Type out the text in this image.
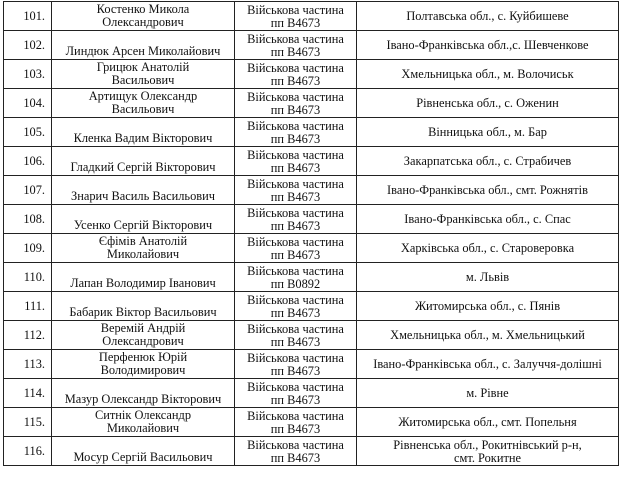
101.	Костенко Микола
Олександрович	Військова частина
пп В4673	Полтавська обл., с. Куйбишеве

102.	Линдюк Арсен Миколайович	Військова частина
пп В4673	Івано-Франківська обл.,с. Шевченкове

103.	Грицюк Анатолій
Васильович	Військова частина
пп В4673	Хмельницька обл., м. Волочиськ

104.	Артищук Олександр
Васильович	Військова частина
пп В4673	Рівненська обл., с. Оженин

105.	Кленка Вадим Вікторович	Військова частина
пп В4673	Вінницька обл., м. Бар

106.	Гладкий Сергій Вікторович	Військова частина
пп В4673	Закарпатська обл., с. Страбичев

107.	Знарич Василь Васильович	Військова частина
пп В4673	Івано-Франківська обл., смт. Рожнятів

108.	Усенко Сергій Вікторович	Військова частина
пп В4673	Івано-Франківська обл., с. Спас

109.	Єфімів Анатолій
Миколайович	Військова частина
пп В4673	Харківська обл., с. Староверовка

110.	Лапан Володимир Іванович	Військова частина
пп В0892	м. Львів

111.	Бабарик Віктор Васильович	Військова частина
пп В4673	Житомирська обл., с. Пянів

112.	Веремій Андрій
Олександрович	Військова частина
пп В4673	Хмельницька обл., м. Хмельницький

113.	Перфенюк Юрій
Володимирович	Військова частина
пп В4673	Івано-Франківська обл., с. Залуччя-долішні

114.	Мазур Олександр Вікторович	Військова частина
пп В4673	м. Рівне

115.	Ситнік Олександр
Миколайович	Військова частина
пп В4673	Житомирська обл., смт. Попельня

116.	Мосур Сергій Васильович	Військова частина
пп В4673	Рівненська обл., Рокитнівський р-н,
смт. Рокитне
